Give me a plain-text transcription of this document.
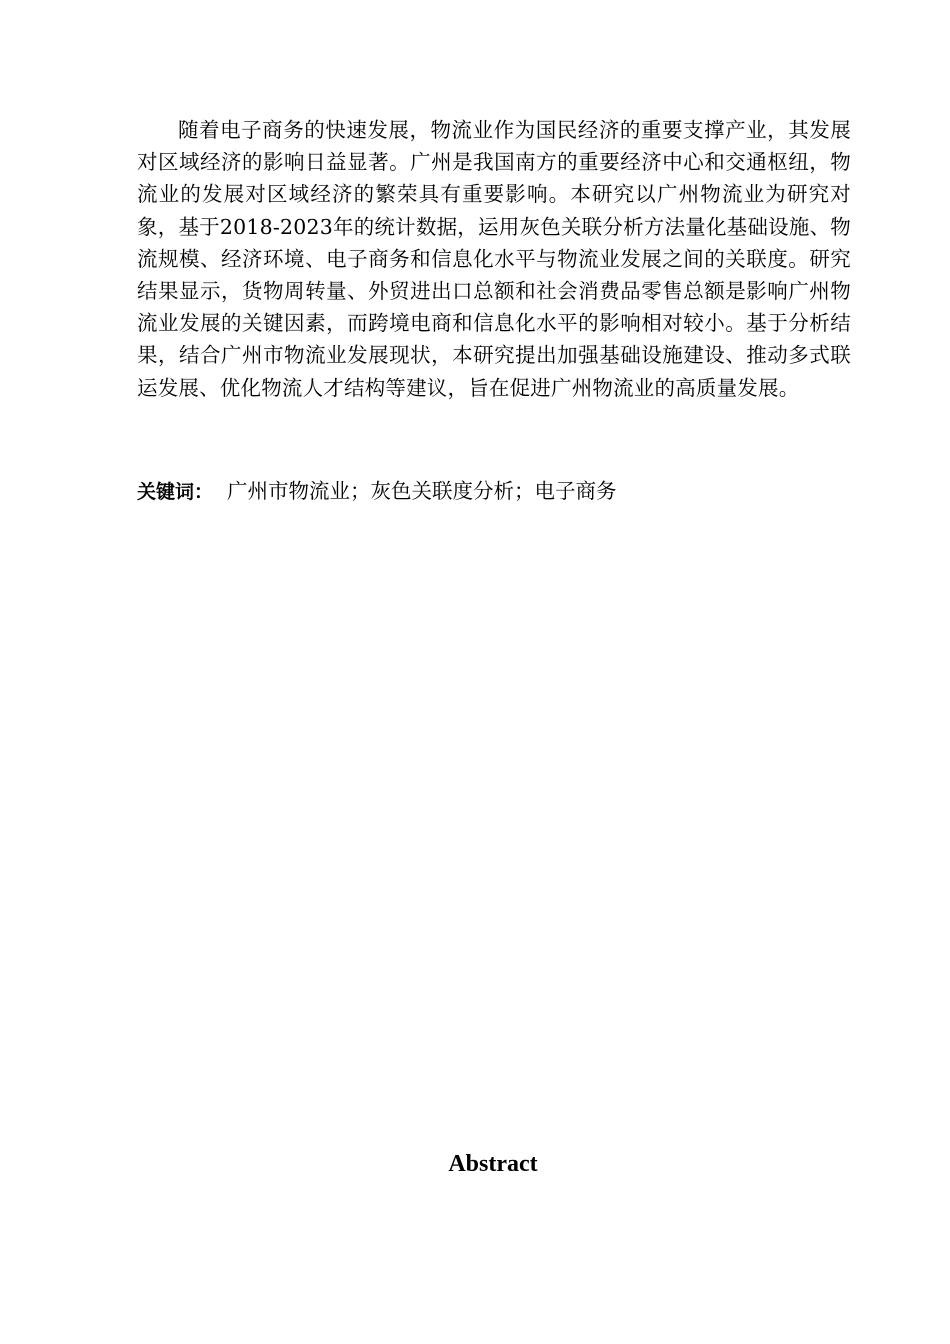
随着电子商务的快速发展，物流业作为国民经济的重要支撑产业，其发展对区域经济的影响日益显著。广州是我国南方的重要经济中心和交通枢纽，物流业的发展对区域经济的繁荣具有重要影响。本研究以广州物流业为研究对象，基于2018-2023年的统计数据，运用灰色关联分析方法量化基础设施、物流规模、经济环境、电子商务和信息化水平与物流业发展之间的关联度。研究结果显示，货物周转量、外贸进出口总额和社会消费品零售总额是影响广州物流业发展的关键因素，而跨境电商和信息化水平的影响相对较小。基于分析结果，结合广州市物流业发展现状，本研究提出加强基础设施建设、推动多式联运发展、优化物流人才结构等建议，旨在促进广州物流业的高质量发展。

关键词： 广州市物流业；灰色关联度分析；电子商务

Abstract
